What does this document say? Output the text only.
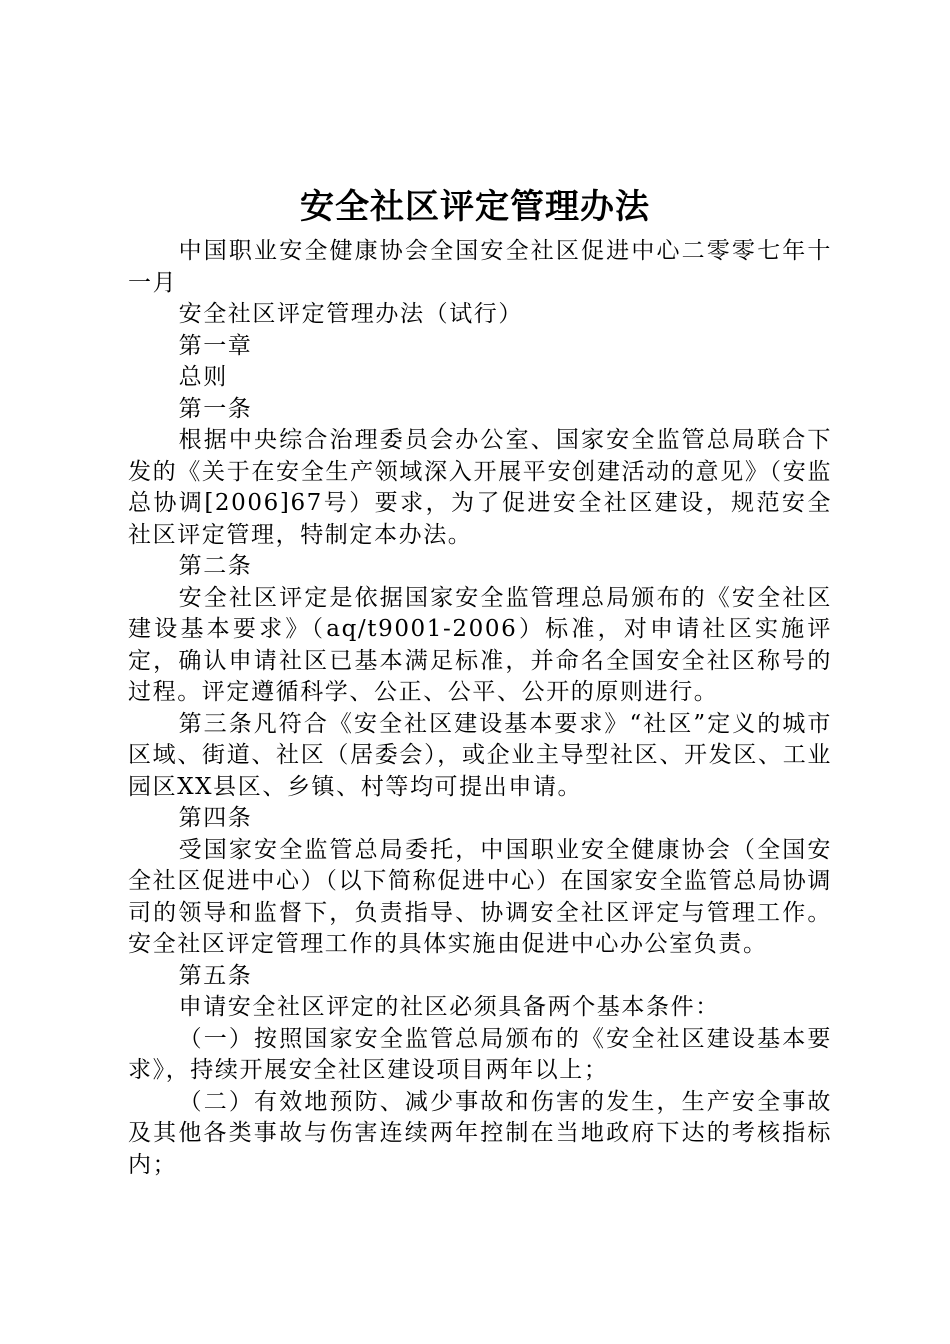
安全社区评定管理办法

中国职业安全健康协会全国安全社区促进中心二零零七年十一月

安全社区评定管理办法（试行）

第一章

总则

第一条

根据中央综合治理委员会办公室、国家安全监管总局联合下发的《关于在安全生产领域深入开展平安创建活动的意见》（安监总协调[2006]67号）要求，为了促进安全社区建设，规范安全社区评定管理，特制定本办法。

第二条

安全社区评定是依据国家安全监管理总局颁布的《安全社区建设基本要求》（aq/t9001-2006）标准，对申请社区实施评定，确认申请社区已基本满足标准，并命名全国安全社区称号的过程。评定遵循科学、公正、公平、公开的原则进行。

第三条凡符合《安全社区建设基本要求》“社区”定义的城市区域、街道、社区（居委会），或企业主导型社区、开发区、工业园区XX县区、乡镇、村等均可提出申请。

第四条

受国家安全监管总局委托，中国职业安全健康协会（全国安全社区促进中心）（以下简称促进中心）在国家安全监管总局协调司的领导和监督下，负责指导、协调安全社区评定与管理工作。安全社区评定管理工作的具体实施由促进中心办公室负责。

第五条

申请安全社区评定的社区必须具备两个基本条件：

（一）按照国家安全监管总局颁布的《安全社区建设基本要求》，持续开展安全社区建设项目两年以上；

（二）有效地预防、减少事故和伤害的发生，生产安全事故及其他各类事故与伤害连续两年控制在当地政府下达的考核指标内；
